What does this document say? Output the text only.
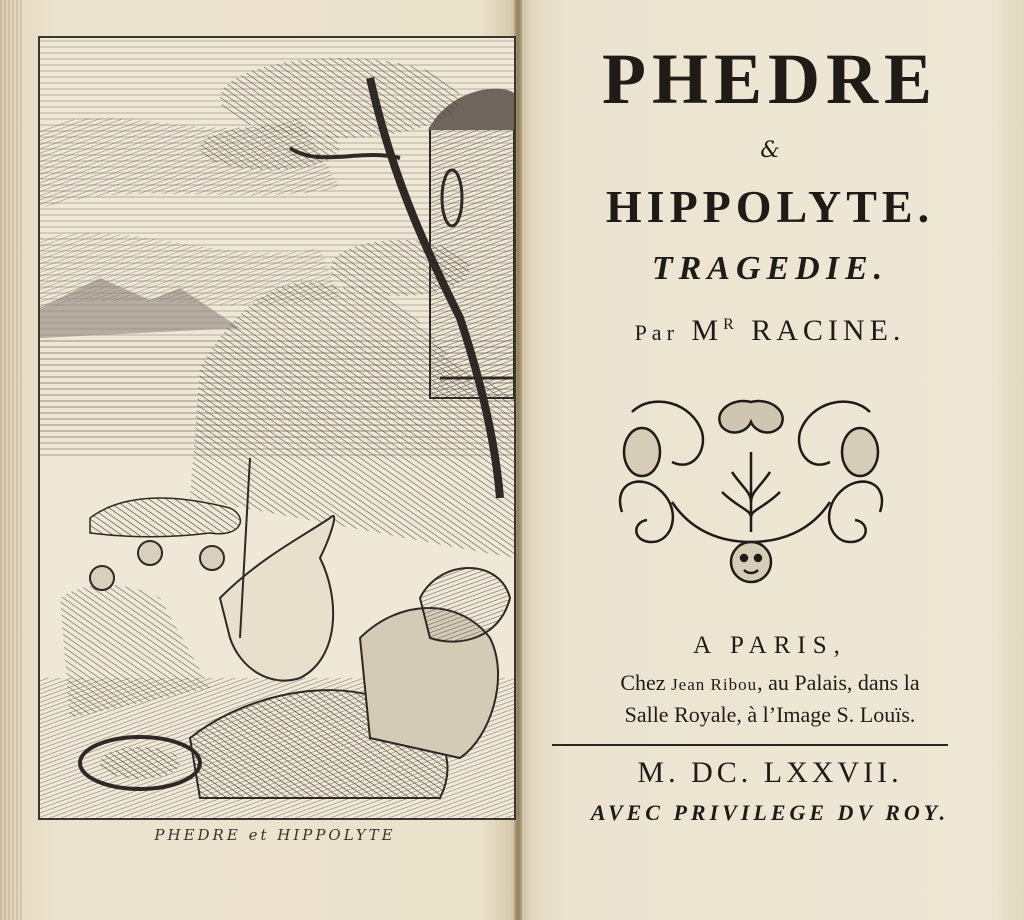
PHEDRE et HIPPOLYTE
PHEDRE
&
HIPPOLYTE.
TRAGEDIE.
Par $M^R$ RACINE.
A PARIS,
Chez Jean Ribou, au Palais, dans la
Salle Royale, à l’Image S. Louïs.
M. DC. LXXVII.
AVEC PRIVILEGE DV ROY.
